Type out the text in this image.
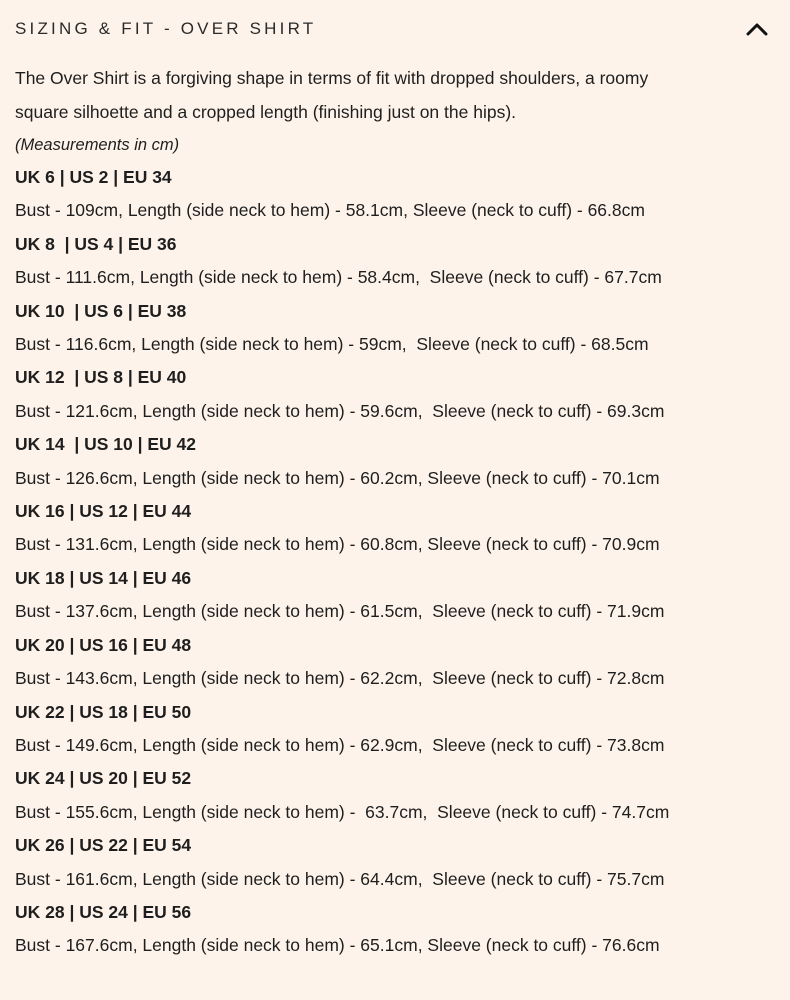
SIZING & FIT - OVER SHIRT

The Over Shirt is a forgiving shape in terms of fit with dropped shoulders, a roomy square silhoette and a cropped length (finishing just on the hips).

(Measurements in cm)

UK 6 | US 2 | EU 34

Bust - 109cm, Length (side neck to hem) - 58.1cm, Sleeve (neck to cuff) - 66.8cm

UK 8  | US 4 | EU 36

Bust - 111.6cm, Length (side neck to hem) - 58.4cm,  Sleeve (neck to cuff) - 67.7cm

UK 10  | US 6 | EU 38

Bust - 116.6cm, Length (side neck to hem) - 59cm,  Sleeve (neck to cuff) - 68.5cm

UK 12  | US 8 | EU 40

Bust - 121.6cm, Length (side neck to hem) - 59.6cm,  Sleeve (neck to cuff) - 69.3cm

UK 14  | US 10 | EU 42

Bust - 126.6cm, Length (side neck to hem) - 60.2cm, Sleeve (neck to cuff) - 70.1cm

UK 16 | US 12 | EU 44

Bust - 131.6cm, Length (side neck to hem) - 60.8cm, Sleeve (neck to cuff) - 70.9cm

UK 18 | US 14 | EU 46

Bust - 137.6cm, Length (side neck to hem) - 61.5cm,  Sleeve (neck to cuff) - 71.9cm

UK 20 | US 16 | EU 48

Bust - 143.6cm, Length (side neck to hem) - 62.2cm,  Sleeve (neck to cuff) - 72.8cm

UK 22 | US 18 | EU 50

Bust - 149.6cm, Length (side neck to hem) - 62.9cm,  Sleeve (neck to cuff) - 73.8cm

UK 24 | US 20 | EU 52

Bust - 155.6cm, Length (side neck to hem) -  63.7cm,  Sleeve (neck to cuff) - 74.7cm

UK 26 | US 22 | EU 54

Bust - 161.6cm, Length (side neck to hem) - 64.4cm,  Sleeve (neck to cuff) - 75.7cm

UK 28 | US 24 | EU 56

Bust - 167.6cm, Length (side neck to hem) - 65.1cm, Sleeve (neck to cuff) - 76.6cm
